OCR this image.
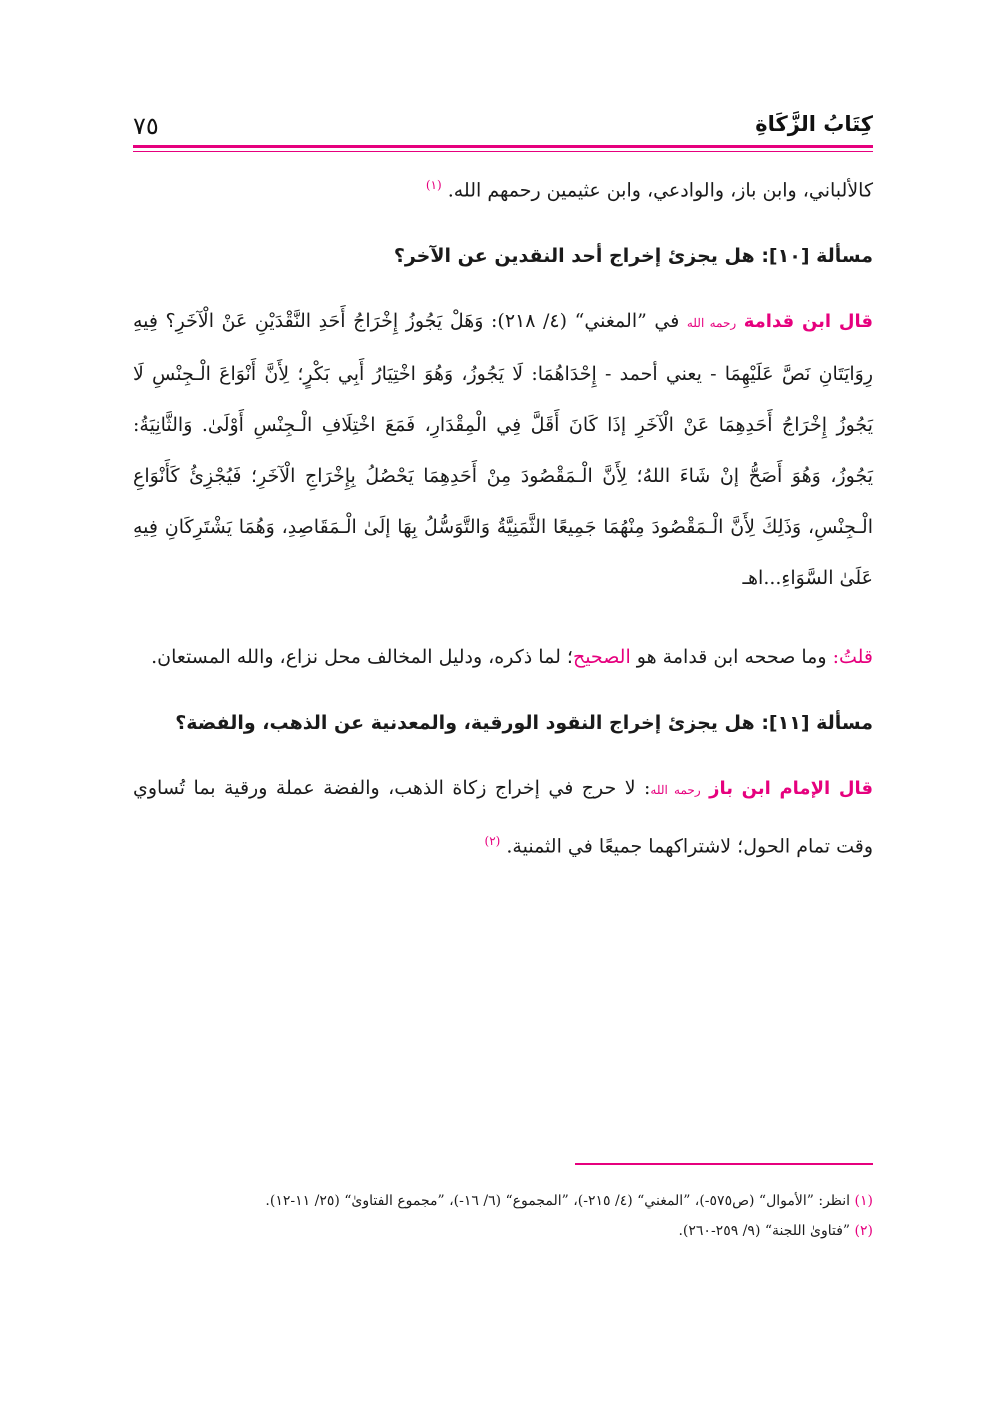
كِتَابُ الزَّكَاةِ
٧٥

كالألباني، وابن باز، والوادعي، وابن عثيمين رحمهم الله. $^{(١)}$

مسألة [١٠]: هل يجزئ إخراج أحد النقدين عن الآخر؟

قال ابن قدامة رحمه الله في ”المغني“ (٤/ ٢١٨): وَهَلْ يَجُوزُ إِخْرَاجُ أَحَدِ النَّقْدَيْنِ عَنْ الْآخَرِ؟ فِيهِ رِوَايَتَانِ نَصَّ عَلَيْهِمَا - يعني أحمد - إِحْدَاهُمَا: لَا يَجُوزُ، وَهُوَ اخْتِيَارُ أَبِي بَكْرٍ؛ لِأَنَّ أَنْوَاعَ الْـجِنْسِ لَا يَجُوزُ إِخْرَاجُ أَحَدِهِمَا عَنْ الْآخَرِ إذَا كَانَ أَقَلَّ فِي الْمِقْدَارِ، فَمَعَ اخْتِلَافِ الْـجِنْسِ أَوْلَىٰ. وَالثَّانِيَةُ: يَجُوزُ، وَهُوَ أَصَحُّ إنْ شَاءَ اللهُ؛ لِأَنَّ الْـمَقْصُودَ مِنْ أَحَدِهِمَا يَحْصُلُ بِإِخْرَاجِ الْآخَرِ؛ فَيُجْزِئُ كَأَنْوَاعِ الْـجِنْسِ، وَذَلِكَ لِأَنَّ الْـمَقْصُودَ مِنْهُمَا جَمِيعًا الثَّمَنِيَّةُ وَالتَّوَسُّلُ بِهَا إلَىٰ الْـمَقَاصِدِ، وَهُمَا يَشْتَرِكَانِ فِيهِ عَلَىٰ السَّوَاءِ...اهـ

قلتُ: وما صححه ابن قدامة هو الصحيح؛ لما ذكره، ودليل المخالف محل نزاع، والله المستعان.

مسألة [١١]: هل يجزئ إخراج النقود الورقية، والمعدنية عن الذهب، والفضة؟

قال الإمام ابن باز رحمه الله: لا حرج في إخراج زكاة الذهب، والفضة عملة ورقية بما تُساوي وقت تمام الحول؛ لاشتراكهما جميعًا في الثمنية. $^{(٢)}$

(١) انظر: ”الأموال“ (ص٥٧٥-)، ”المغني“ (٤/ ٢١٥-)، ”المجموع“ (٦/ ١٦-)، ”مجموع الفتاوىٰ“ (٢٥/ ١١-١٢).

(٢) ”فتاوىٰ اللجنة“ (٩/ ٢٥٩-٢٦٠).
